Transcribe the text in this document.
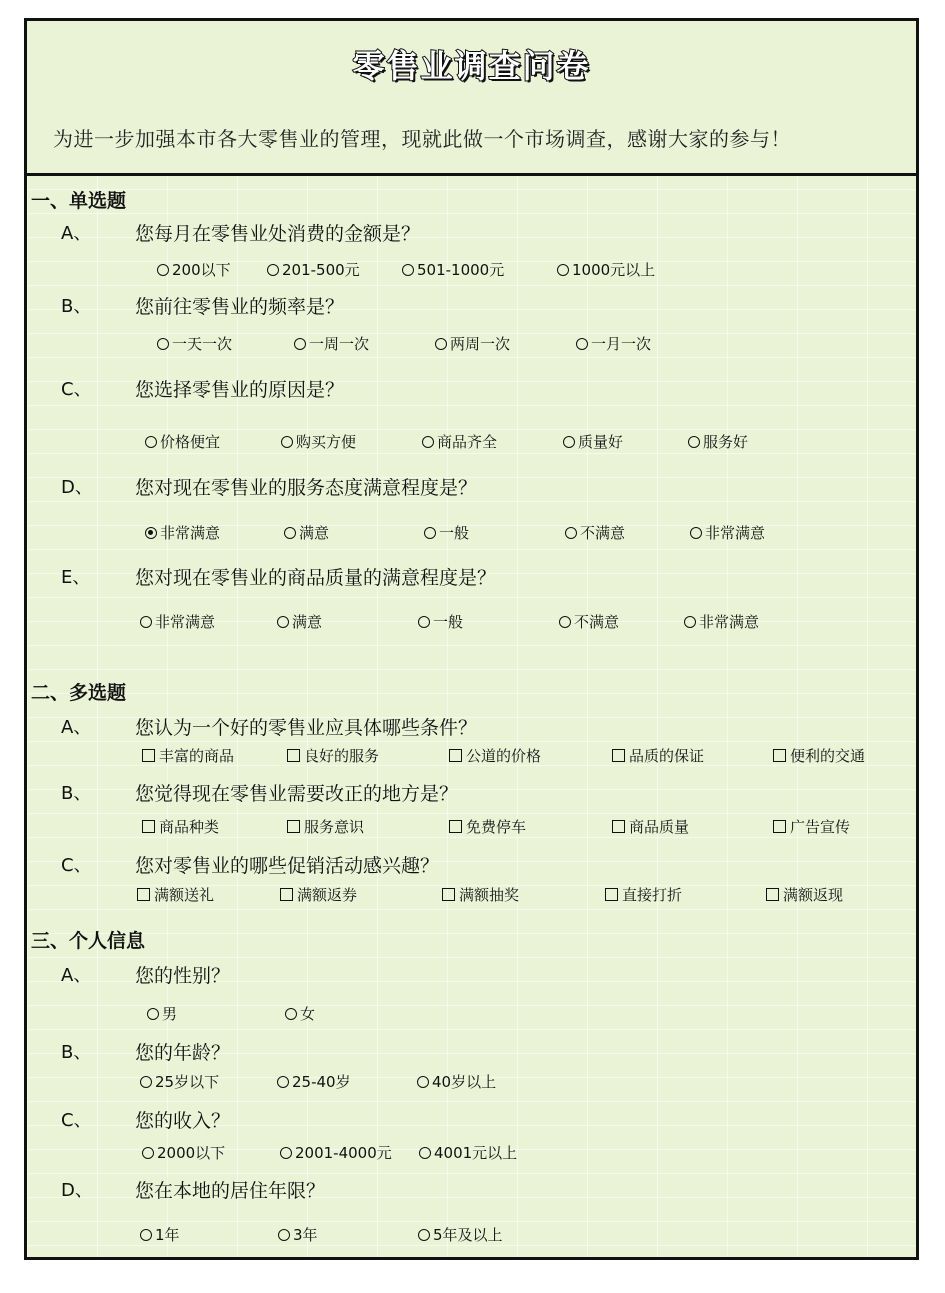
零售业调查问卷
为进一步加强本市各大零售业的管理，现就此做一个市场调查，感谢大家的参与！
一、单选题
A、 您每月在零售业处消费的金额是？
200以下	201-500元	501-1000元	1000元以上
B、 您前往零售业的频率是？
一天一次	一周一次	两周一次	一月一次
C、 您选择零售业的原因是？
价格便宜	购买方便	商品齐全	质量好	服务好
D、 您对现在零售业的服务态度满意程度是？
非常满意	满意	一般	不满意	非常满意
E、 您对现在零售业的商品质量的满意程度是？
非常满意	满意	一般	不满意	非常满意
二、多选题
A、 您认为一个好的零售业应具体哪些条件？
丰富的商品	良好的服务	公道的价格	品质的保证	便利的交通
B、 您觉得现在零售业需要改正的地方是？
商品种类	服务意识	免费停车	商品质量	广告宣传
C、 您对零售业的哪些促销活动感兴趣？
满额送礼	满额返券	满额抽奖	直接打折	满额返现
三、个人信息
A、 您的性别？
男	女
B、 您的年龄？
25岁以下	25-40岁	40岁以上
C、 您的收入？
2000以下	2001-4000元	4001元以上
D、 您在本地的居住年限？
1年	3年	5年及以上
